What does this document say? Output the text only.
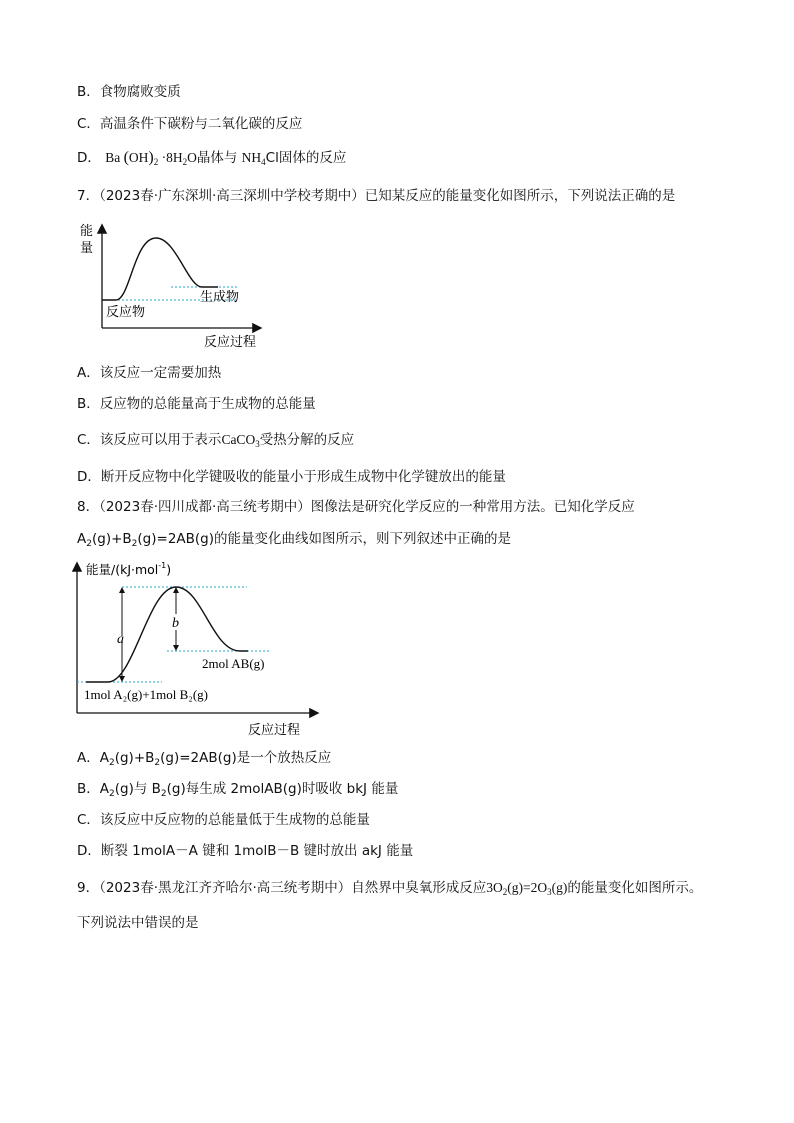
B．食物腐败变质
C．高温条件下碳粉与二氧化碳的反应
D． Ba $(OH)_2 \cdot 8H_2O$晶体与 $NH_4Cl$固体的反应
7．（2023春·广东深圳·高三深圳中学校考期中）已知某反应的能量变化如图所示，下列说法正确的是
能
量
生成物
反应物
反应过程
A．该反应一定需要加热
B．反应物的总能量高于生成物的总能量
C．该反应可以用于表示CaCO$_3$受热分解的反应
D．断开反应物中化学键吸收的能量小于形成生成物中化学键放出的能量
8．（2023春·四川成都·高三统考期中）图像法是研究化学反应的一种常用方法。已知化学反应
$A_2(g)+B_2(g)=2AB(g)$的能量变化曲线如图所示，则下列叙述中正确的是
能量/(kJ·mol$^{-1}$)
a
b
2mol AB(g)
1mol A₂(g)+1mol B₂(g)
反应过程
A．$A_2(g)+B_2(g)=2AB(g)$是一个放热反应
B．$A_2(g)$与 $B_2(g)$每生成 2molAB(g)时吸收 bkJ 能量
C．该反应中反应物的总能量低于生成物的总能量
D．断裂 1molA－A 键和 1molB－B 键时放出 akJ 能量
9．（2023春·黑龙江齐齐哈尔·高三统考期中）自然界中臭氧形成反应$3O_2(g)=2O_3(g)$的能量变化如图所示。
下列说法中错误的是
